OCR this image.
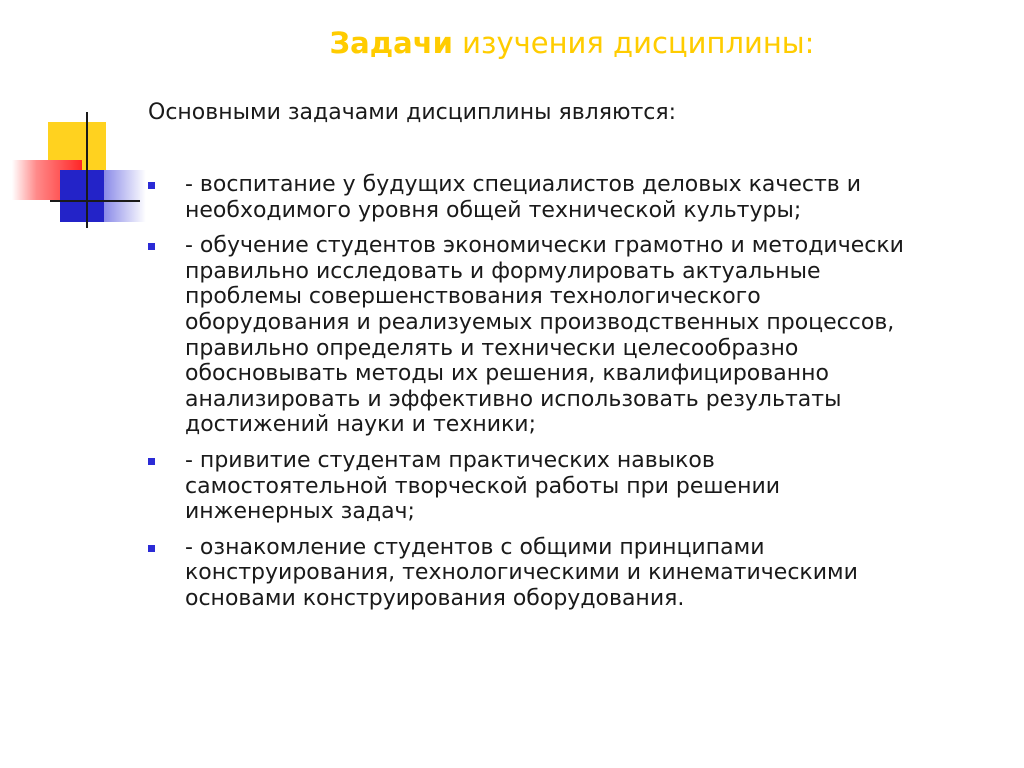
Задачи изучения дисциплины:
Основными задачами дисциплины являются:
- воспитание у будущих специалистов деловых качеств и
необходимого уровня общей технической культуры;
- обучение студентов экономически грамотно и методически
правильно исследовать и формулировать актуальные
проблемы совершенствования технологического
оборудования и реализуемых производственных процессов,
правильно определять и технически целесообразно
обосновывать методы их решения, квалифицированно
анализировать и эффективно использовать результаты
достижений науки и техники;
- привитие студентам практических навыков
самостоятельной творческой работы при решении
инженерных задач;
- ознакомление студентов с общими принципами
конструирования, технологическими и кинематическими
основами конструирования оборудования.
